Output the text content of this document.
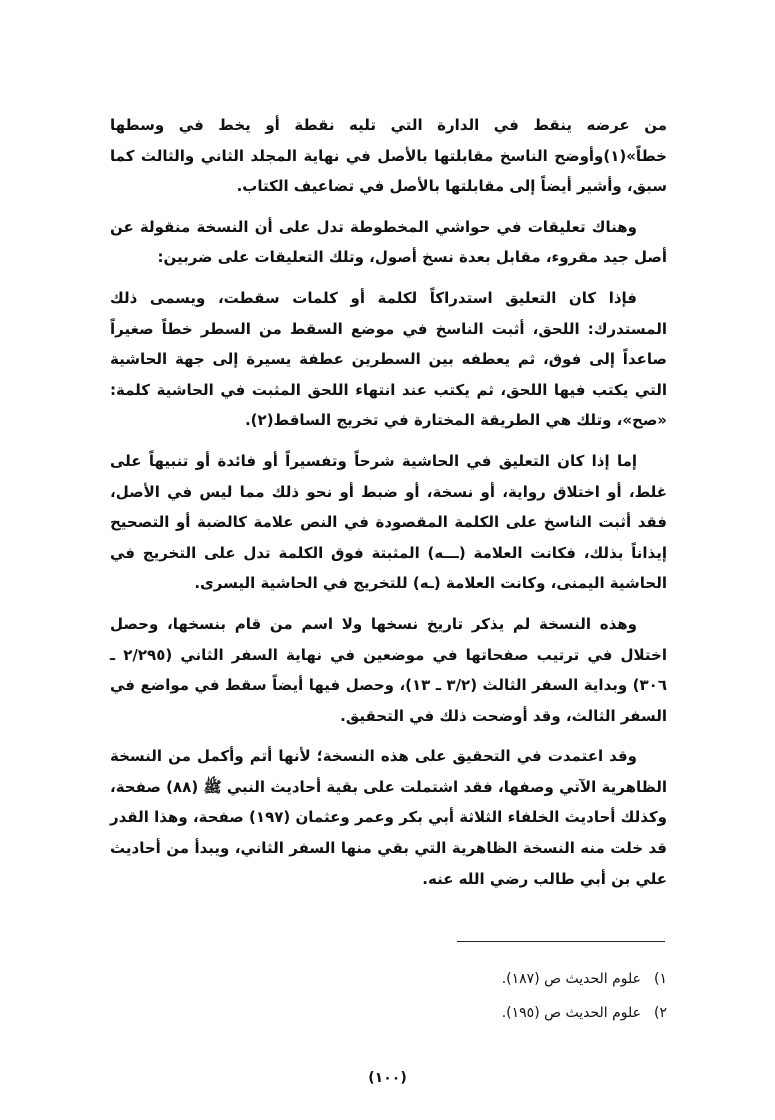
من عرضه ينقط في الدارة التي تليه نقطة أو يخط في وسطها خطاً»(١)وأوضح الناسخ مقابلتها بالأصل في نهاية المجلد الثاني والثالث كما سبق، وأشير أيضاً إلى مقابلتها بالأصل في تضاعيف الكتاب.

وهناك تعليقات في حواشي المخطوطة تدل على أن النسخة منقولة عن أصل جيد مقروء، مقابل بعدة نسخ أصول، وتلك التعليقات على ضربين:

فإذا كان التعليق استدراكاً لكلمة أو كلمات سقطت، ويسمى ذلك المستدرك: اللحق، أثبت الناسخ في موضع السقط من السطر خطاً صغيراً صاعداً إلى فوق، ثم يعطفه بين السطرين عطفة يسيرة إلى جهة الحاشية التي يكتب فيها اللحق، ثم يكتب عند انتهاء اللحق المثبت في الحاشية كلمة: «صح»، وتلك هي الطريقة المختارة في تخريج الساقط(٢).

إما إذا كان التعليق في الحاشية شرحاً وتفسيراً أو فائدة أو تنبيهاً على غلط، أو اختلاق رواية، أو نسخة، أو ضبط أو نحو ذلك مما ليس في الأصل، فقد أثبت الناسخ على الكلمة المقصودة في النص علامة كالضبة أو التصحيح إيذاناً بذلك، فكانت العلامة (ـــه) المثبتة فوق الكلمة تدل على التخريج في الحاشية اليمنى، وكانت العلامة (ـه) للتخريج في الحاشية اليسرى.

وهذه النسخة لم يذكر تاريخ نسخها ولا اسم من قام بنسخها، وحصل اختلال في ترتيب صفحاتها في موضعين في نهاية السفر الثاني (٢/٢٩٥ ـ ٣٠٦) وبداية السفر الثالث (٣/٢ ـ ١٣)، وحصل فيها أيضاً سقط في مواضع في السفر الثالث، وقد أوضحت ذلك في التحقيق.

وقد اعتمدت في التحقيق على هذه النسخة؛ لأنها أتم وأكمل من النسخة الظاهرية الآتي وصفها، فقد اشتملت على بقية أحاديث النبي ﷺ (٨٨) صفحة، وكذلك أحاديث الخلفاء الثلاثة أبي بكر وعمر وعثمان (١٩٧) صفحة، وهذا القدر قد خلت منه النسخة الظاهرية التي بقي منها السفر الثاني، ويبدأ من أحاديث علي بن أبي طالب رضي الله عنه.

١)
علوم الحديث ص (١٨٧).
٢)
علوم الحديث ص (١٩٥).
(١٠٠)
